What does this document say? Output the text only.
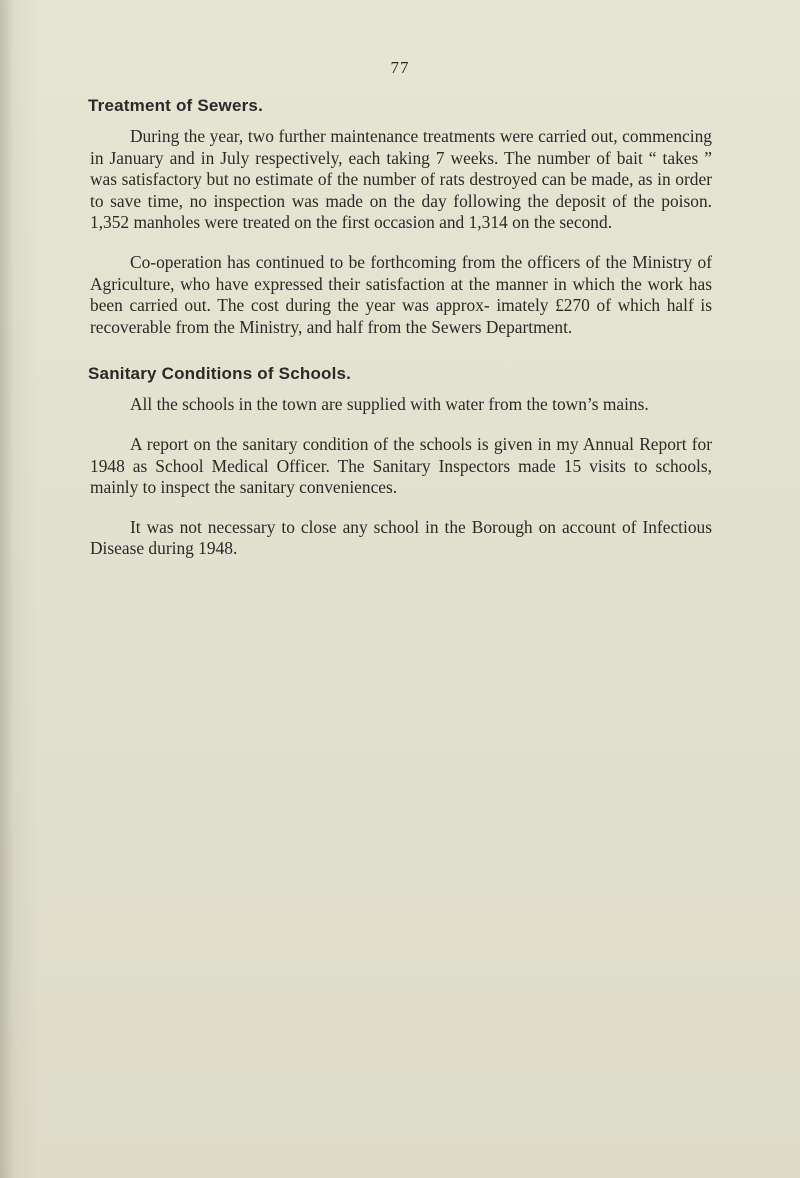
77
Treatment of Sewers.

During the year, two further maintenance treatments were carried out, commencing in January and in July respectively, each taking 7 weeks. The number of bait “ takes ” was satisfactory but no estimate of the number of rats destroyed can be made, as in order to save time, no inspection was made on the day following the deposit of the poison. 1,352 manholes were treated on the first occasion and 1,314 on the second.

Co-operation has continued to be forthcoming from the officers of the Ministry of Agriculture, who have expressed their satisfaction at the manner in which the work has been carried out. The cost during the year was approx- imately £270 of which half is recoverable from the Ministry, and half from the Sewers Department.

Sanitary Conditions of Schools.

All the schools in the town are supplied with water from the town’s mains.

A report on the sanitary condition of the schools is given in my Annual Report for 1948 as School Medical Officer. The Sanitary Inspectors made 15 visits to schools, mainly to inspect the sanitary conveniences.

It was not necessary to close any school in the Borough on account of Infectious Disease during 1948.
